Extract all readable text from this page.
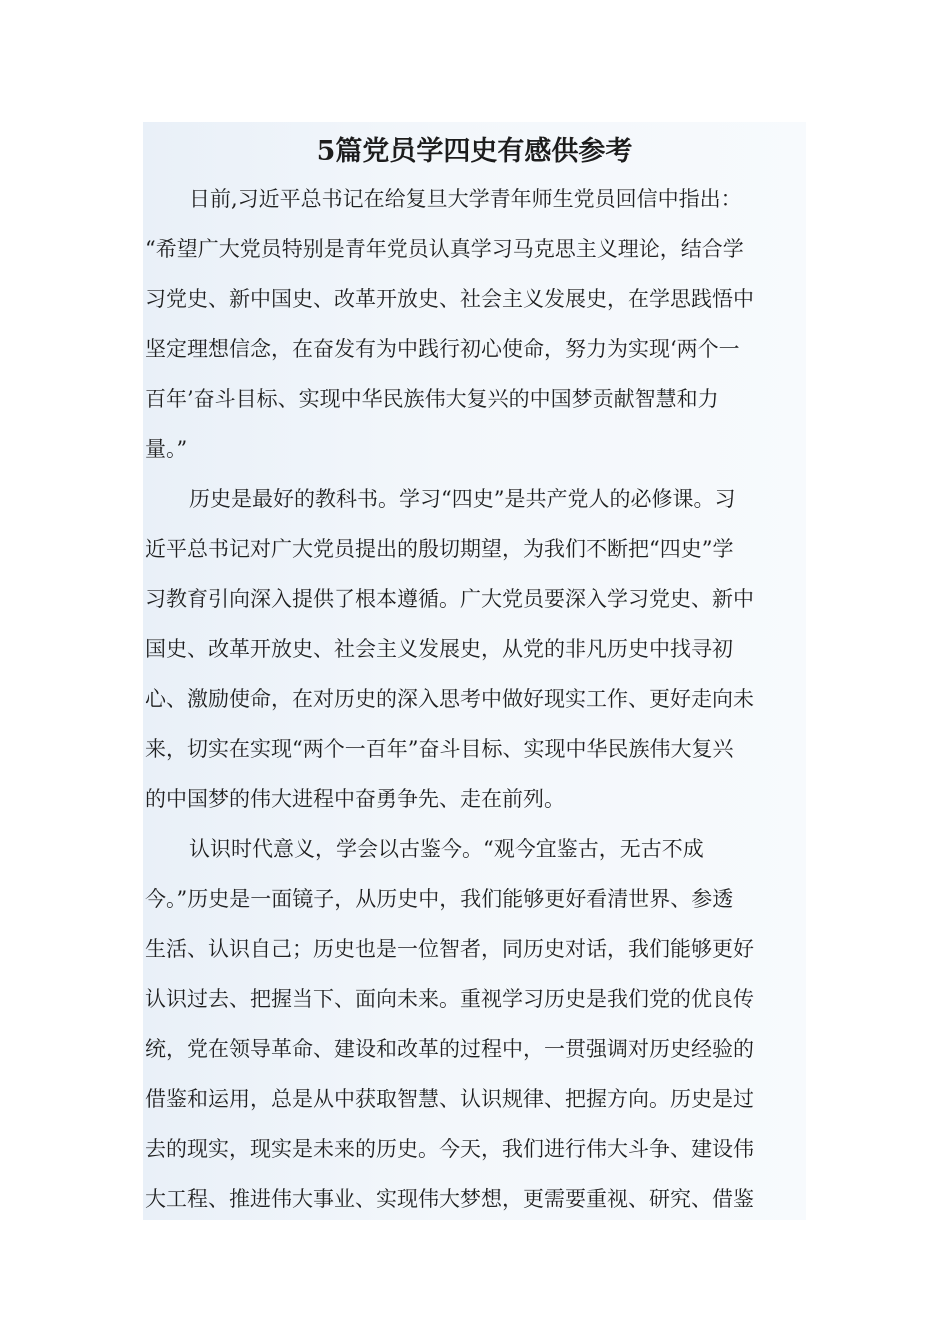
5篇党员学四史有感供参考

日前,习近平总书记在给复旦大学青年师生党员回信中指出：

“希望广大党员特别是青年党员认真学习马克思主义理论，结合学

习党史、新中国史、改革开放史、社会主义发展史，在学思践悟中

坚定理想信念，在奋发有为中践行初心使命，努力为实现‘两个一

百年’奋斗目标、实现中华民族伟大复兴的中国梦贡献智慧和力

量。”

历史是最好的教科书。学习“四史”是共产党人的必修课。习

近平总书记对广大党员提出的殷切期望，为我们不断把“四史”学

习教育引向深入提供了根本遵循。广大党员要深入学习党史、新中

国史、改革开放史、社会主义发展史，从党的非凡历史中找寻初

心、激励使命，在对历史的深入思考中做好现实工作、更好走向未

来，切实在实现“两个一百年”奋斗目标、实现中华民族伟大复兴

的中国梦的伟大进程中奋勇争先、走在前列。

认识时代意义，学会以古鉴今。“观今宜鉴古，无古不成

今。”历史是一面镜子，从历史中，我们能够更好看清世界、参透

生活、认识自己；历史也是一位智者，同历史对话，我们能够更好

认识过去、把握当下、面向未来。重视学习历史是我们党的优良传

统，党在领导革命、建设和改革的过程中，一贯强调对历史经验的

借鉴和运用，总是从中获取智慧、认识规律、把握方向。历史是过

去的现实，现实是未来的历史。今天，我们进行伟大斗争、建设伟

大工程、推进伟大事业、实现伟大梦想，更需要重视、研究、借鉴
